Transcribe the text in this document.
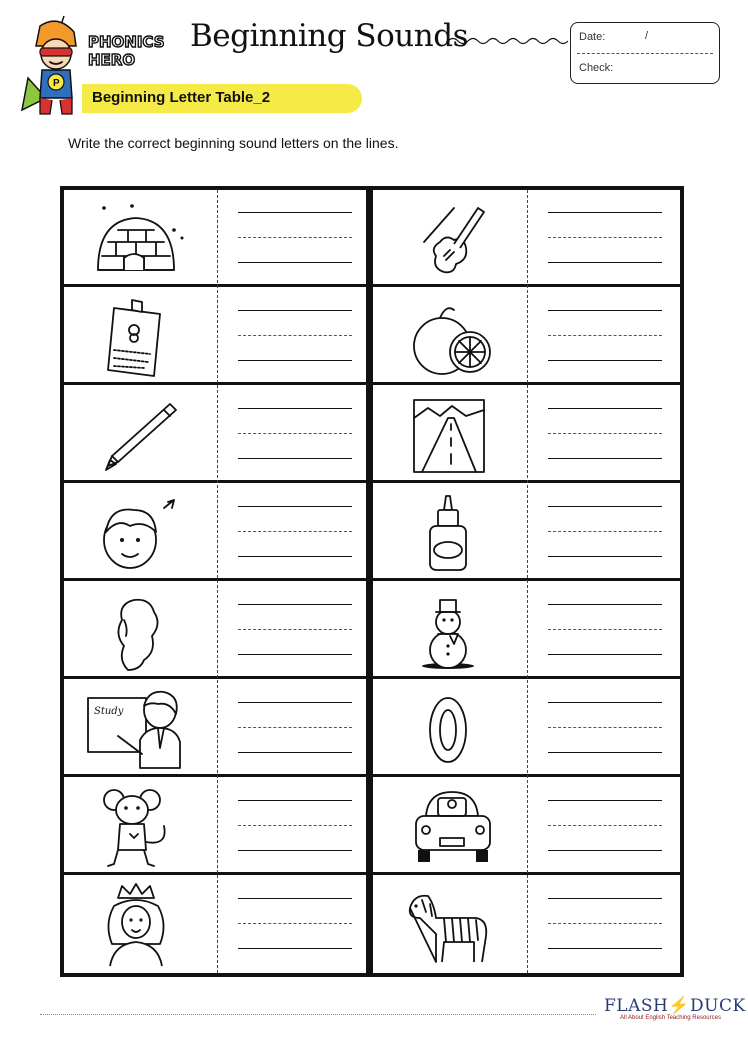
P
PHONICS
HERO
Beginning Sounds	Date:	/
Check:
Beginning Letter Table_2
Write the correct beginning sound letters on the lines.
Study
FLASH⚡DUCK
All About English Teaching Resources
